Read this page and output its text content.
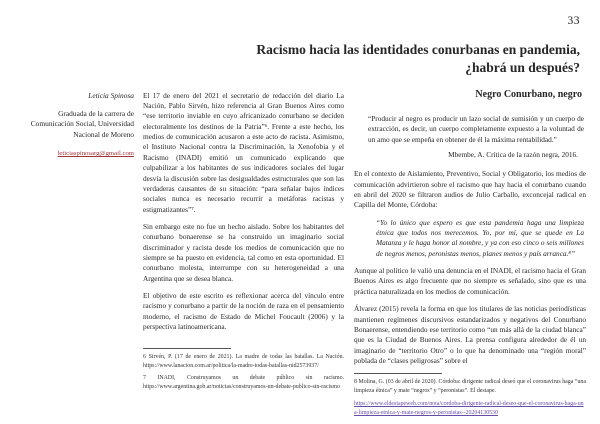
33
Racismo hacia las identidades conurbanas en pandemia,
¿habrá un después?
Leticia Spinosa
Graduada de la carrera de Comunicación Social, Universidad Nacional de Moreno
leticiaspinosarg@gmail.com

El 17 de enero del 2021 el secretario de redacción del diario La Nación, Pablo Sirvén, hizo referencia al Gran Buenos Aires como “ese territorio inviable en cuyo africanizado conurbano se deciden electoralmente los destinos de la Patria”⁶. Frente a este hecho, los medios de comunicación acusaron a este acto de racista. Asimismo, el Instituto Nacional contra la Discriminación, la Xenofobia y el Racismo (INADI) emitió un comunicado explicando que culpabilizar a los habitantes de sus indicadores sociales del lugar desvía la discusión sobre las desigualdades estructurales que son las verdaderas causantes de su situación: “para señalar bajos índices sociales nunca es necesario recurrir a metáforas racistas y estigmatizantes”⁷.

Sin embargo este no fue un hecho aislado. Sobre los habitantes del conurbano bonaerense se ha construido un imaginario social discriminador y racista desde los medios de comunicación que no siempre se ha puesto en evidencia, tal como en esta oportunidad. El conurbano molesta, interrumpe con su heterogeneidad a una Argentina que se desea blanca.

El objetivo de este escrito es reflexionar acerca del vínculo entre racismo y conurbano a partir de la noción de raza en el pensamiento moderno, el racismo de Estado de Michel Foucault (2006) y la perspectiva latinoamericana.

6 Sirvén, P. (17 de enero de 2021). La madre de todas las batallas. La Nación. https://www.lanacion.com.ar/politica/la-madre-todas-batallas-nid2573937/
7 INADI, Construyamos un debate público sin racismo. https://www.argentina.gob.ar/noticias/construyamos-un-debate-publico-sin-racismo
Negro Conurbano, negro
“Producir al negro es producir un lazo social de sumisión y un cuerpo de extracción, es decir, un cuerpo completamente expuesto a la voluntad de un amo que se empeña en obtener de él la máxima rentabilidad.”
Mbembe, A. Crítica de la razón negra, 2016.

En el contexto de Aislamiento, Preventivo, Social y Obligatorio, los medios de comunicación advirtieron sobre el racismo que hay hacia el conurbano cuando en abril del 2020 se filtraron audios de Julio Carballo, exconcejal radical en Capilla del Monte, Córdoba:

“Yo lo único que espero es que esta pandemia haga una limpieza étnica que todos nos merecemos. Yo, por mí, que se quede en La Matanza y le haga honor al nombre, y ya con eso cinco o seis millones de negros menos, peronistas menos, planes menos y país arranca.⁸”

Aunque al político le valió una denuncia en el INADI, el racismo hacia el Gran Buenos Aires es algo frecuente que no siempre es señalado, sino que es una práctica naturalizada en los medios de comunicación.

Álvarez (2015) revela la forma en que los titulares de las noticias periodísticas mantienen regímenes discursivos estandarizados y negativos del Conurbano Bonaerense, entendiendo ese territorio como “un más allá de la ciudad blanca” que es la Ciudad de Buenos Aires. La prensa configura alrededor de él un imaginario de “territorio Otro” o lo que ha denominado una “región moral” poblada de “clases peligrosas” sobre el

8 Molina, G. (03 de abril de 2020). Córdoba: dirigente radical deseó que el coronavirus haga “una limpieza étnica” y mate “negros” y “peronistas”. El destape.
https://www.eldestapeweb.com/nota/cordoba-dirigente-radical-deseo-que-el-coronavirus-haga-una-limpieza-etnica-y-mate-negros-y-peronistas--20204130530
